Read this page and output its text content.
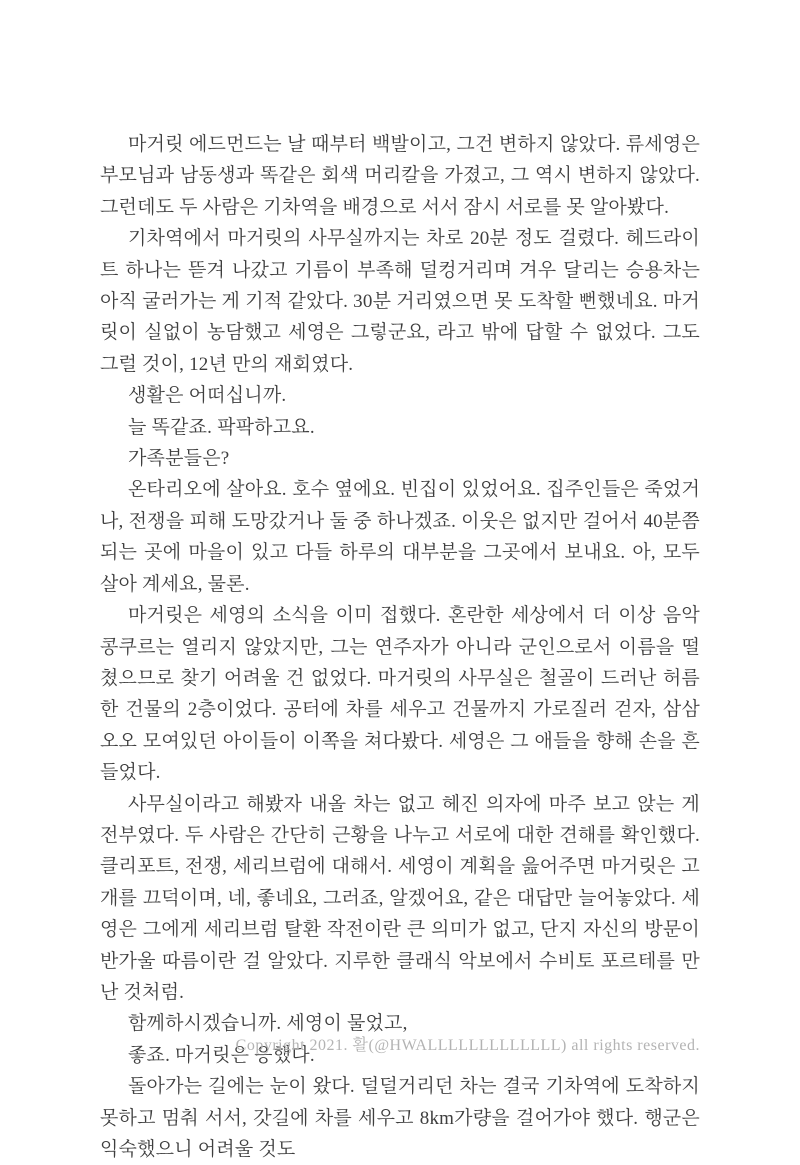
마거릿 에드먼드는 날 때부터 백발이고, 그건 변하지 않았다. 류세영은 부모님과 남동생과 똑같은 회색 머리칼을 가졌고, 그 역시 변하지 않았다. 그런데도 두 사람은 기차역을 배경으로 서서 잠시 서로를 못 알아봤다.

기차역에서 마거릿의 사무실까지는 차로 20분 정도 걸렸다. 헤드라이트 하나는 뜯겨 나갔고 기름이 부족해 덜컹거리며 겨우 달리는 승용차는 아직 굴러가는 게 기적 같았다. 30분 거리였으면 못 도착할 뻔했네요. 마거릿이 실없이 농담했고 세영은 그렇군요, 라고 밖에 답할 수 없었다. 그도 그럴 것이, 12년 만의 재회였다.

생활은 어떠십니까.

늘 똑같죠. 팍팍하고요.

가족분들은?

온타리오에 살아요. 호수 옆에요. 빈집이 있었어요. 집주인들은 죽었거나, 전쟁을 피해 도망갔거나 둘 중 하나겠죠. 이웃은 없지만 걸어서 40분쯤 되는 곳에 마을이 있고 다들 하루의 대부분을 그곳에서 보내요. 아, 모두 살아 계세요, 물론.

마거릿은 세영의 소식을 이미 접했다. 혼란한 세상에서 더 이상 음악 콩쿠르는 열리지 않았지만, 그는 연주자가 아니라 군인으로서 이름을 떨쳤으므로 찾기 어려울 건 없었다. 마거릿의 사무실은 철골이 드러난 허름한 건물의 2층이었다. 공터에 차를 세우고 건물까지 가로질러 걷자, 삼삼오오 모여있던 아이들이 이쪽을 쳐다봤다. 세영은 그 애들을 향해 손을 흔들었다.

사무실이라고 해봤자 내올 차는 없고 헤진 의자에 마주 보고 앉는 게 전부였다. 두 사람은 간단히 근황을 나누고 서로에 대한 견해를 확인했다. 클리포트, 전쟁, 세리브럼에 대해서. 세영이 계획을 읊어주면 마거릿은 고개를 끄덕이며, 네, 좋네요, 그러죠, 알겠어요, 같은 대답만 늘어놓았다. 세영은 그에게 세리브럼 탈환 작전이란 큰 의미가 없고, 단지 자신의 방문이 반가울 따름이란 걸 알았다. 지루한 클래식 악보에서 수비토 포르테를 만난 것처럼.

함께하시겠습니까. 세영이 물었고,

좋죠. 마거릿은 응했다.

돌아가는 길에는 눈이 왔다. 덜덜거리던 차는 결국 기차역에 도착하지 못하고 멈춰 서서, 갓길에 차를 세우고 8km가량을 걸어가야 했다. 행군은 익숙했으니 어려울 것도

Copyright 2021. 활(@HWALLLLLLLLLLLLL) all rights reserved.
